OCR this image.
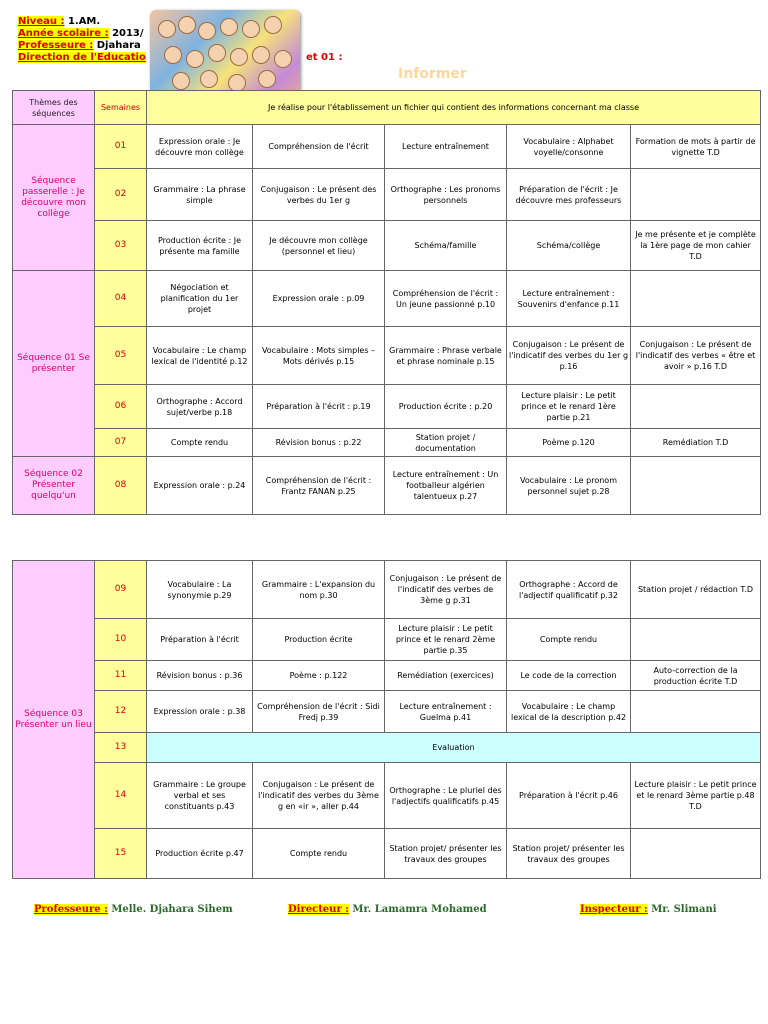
Niveau : 1.AM.
Année scolaire : 2013/
Professeure : Djahara
Direction de l'Educatio	et 01 :
Informer
Thèmes des séquences	Semaines	Je réalise pour l'établissement un fichier qui contient des informations concernant ma classe				
Séquence passerelle : Je découvre mon collège	01	Expression orale : Je découvre mon collège	Compréhension de l'écrit	Lecture entraînement	Vocabulaire : Alphabet voyelle/consonne	Formation de mots à partir de vignette T.D
	02	Grammaire : La phrase simple	Conjugaison : Le présent des verbes du 1er g	Orthographe : Les pronoms personnels	Préparation de l'écrit : Je découvre mes professeurs	
	03	Production écrite : Je présente ma famille	Je découvre mon collège (personnel et lieu)	Schéma/famille	Schéma/collège	Je me présente et je complète la 1ère page de mon cahier T.D
Séquence 01 Se présenter	04	Négociation et planification du 1er projet	Expression orale : p.09	Compréhension de l'écrit : Un jeune passionné p.10	Lecture entraînement : Souvenirs d'enfance p.11	
	05	Vocabulaire : Le champ lexical de l'identité p.12	Vocabulaire : Mots simples – Mots dérivés p.15	Grammaire : Phrase verbale et phrase nominale p.15	Conjugaison : Le présent de l'indicatif des verbes du 1er g p.16	Conjugaison : Le présent de l'indicatif des verbes « être et avoir » p.16 T.D
	06	Orthographe : Accord sujet/verbe p.18	Préparation à l'écrit : p.19	Production écrite : p.20	Lecture plaisir : Le petit prince et le renard 1ère partie p.21	
	07	Compte rendu	Révision bonus : p.22	Station projet / documentation	Poème p.120	Remédiation T.D
Séquence 02 Présenter quelqu'un	08	Expression orale : p.24	Compréhension de l'écrit : Frantz FANAN p.25	Lecture entraînement : Un footballeur algérien talentueux p.27	Vocabulaire : Le pronom personnel sujet p.28	
Séquence 03 Présenter un lieu	09	Vocabulaire : La synonymie p.29	Grammaire : L'expansion du nom p.30	Conjugaison : Le présent de l'indicatif des verbes de 3ème g p.31	Orthographe : Accord de l'adjectif qualificatif p.32	Station projet / rédaction T.D
	10	Préparation à l'écrit	Production écrite	Lecture plaisir : Le petit prince et le renard 2ème partie p.35	Compte rendu	
	11	Révision bonus : p.36	Poème : p.122	Remédiation (exercices)	Le code de la correction	Auto-correction de la production écrite T.D
	12	Expression orale : p.38	Compréhension de l'écrit : Sidi Fredj p.39	Lecture entraînement : Guelma p.41	Vocabulaire : Le champ lexical de la description p.42	
	13	Evaluation				
	14	Grammaire : Le groupe verbal et ses constituants p.43	Conjugaison : Le présent de l'indicatif des verbes du 3ème g en «ir », aller p.44	Orthographe : Le pluriel des l'adjectifs qualificatifs p.45	Préparation à l'écrit p.46	Lecture plaisir : Le petit prince et le renard 3ème partie p.48 T.D
	15	Production écrite p.47	Compte rendu	Station projet/ présenter les travaux des groupes	Station projet/ présenter les travaux des groupes	
Professeure : Melle. Djahara Sihem	Directeur : Mr. Lamamra Mohamed	Inspecteur : Mr. Slimani
